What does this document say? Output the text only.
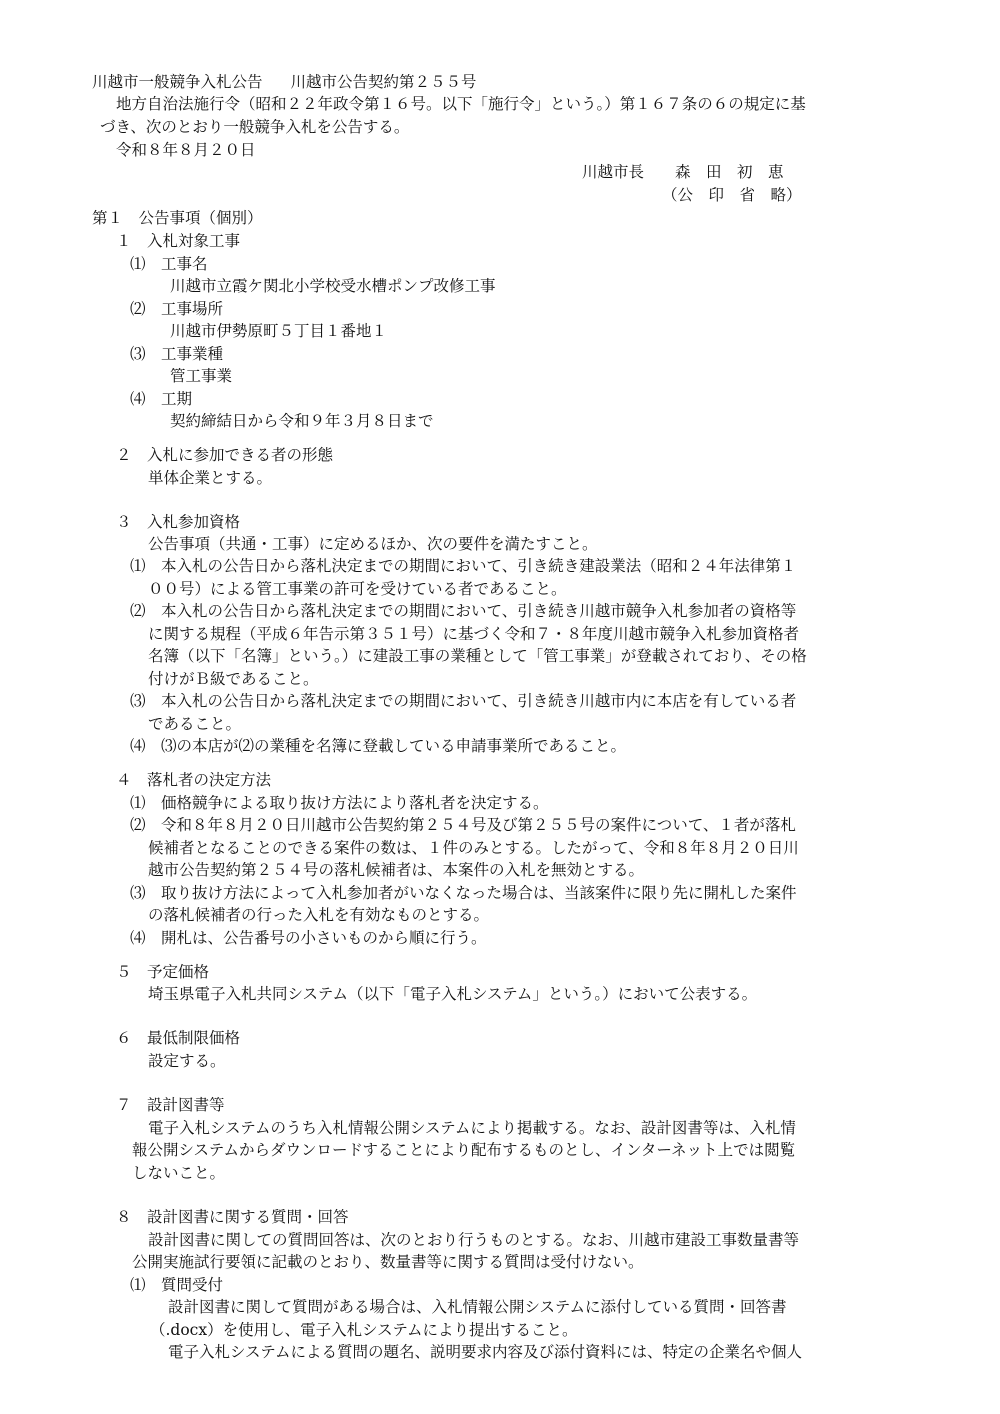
川越市一般競争入札公告 川越市公告契約第２５５号
地方自治法施行令（昭和２２年政令第１６号。以下「施行令」という。）第１６７条の６の規定に基
づき、次のとおり一般競争入札を公告する。
令和８年８月２０日
川越市長　　森　田　初　恵
（公　印　省　略）
第１　公告事項（個別）
１　入札対象工事
⑴　工事名
川越市立霞ケ関北小学校受水槽ポンプ改修工事
⑵　工事場所
川越市伊勢原町５丁目１番地１
⑶　工事業種
管工事業
⑷　工期
契約締結日から令和９年３月８日まで
２　入札に参加できる者の形態
単体企業とする。
３　入札参加資格
公告事項（共通・工事）に定めるほか、次の要件を満たすこと。
⑴　本入札の公告日から落札決定までの期間において、引き続き建設業法（昭和２４年法律第１
００号）による管工事業の許可を受けている者であること。
⑵　本入札の公告日から落札決定までの期間において、引き続き川越市競争入札参加者の資格等
に関する規程（平成６年告示第３５１号）に基づく令和７・８年度川越市競争入札参加資格者
名簿（以下「名簿」という。）に建設工事の業種として「管工事業」が登載されており、その格
付けがＢ級であること。
⑶　本入札の公告日から落札決定までの期間において、引き続き川越市内に本店を有している者
であること。
⑷　⑶の本店が⑵の業種を名簿に登載している申請事業所であること。
４　落札者の決定方法
⑴　価格競争による取り抜け方法により落札者を決定する。
⑵　令和８年８月２０日川越市公告契約第２５４号及び第２５５号の案件について、１者が落札
候補者となることのできる案件の数は、１件のみとする。したがって、令和８年８月２０日川
越市公告契約第２５４号の落札候補者は、本案件の入札を無効とする。
⑶　取り抜け方法によって入札参加者がいなくなった場合は、当該案件に限り先に開札した案件
の落札候補者の行った入札を有効なものとする。
⑷　開札は、公告番号の小さいものから順に行う。
５　予定価格
埼玉県電子入札共同システム（以下「電子入札システム」という。）において公表する。
６　最低制限価格
設定する。
７　設計図書等
電子入札システムのうち入札情報公開システムにより掲載する。なお、設計図書等は、入札情
報公開システムからダウンロードすることにより配布するものとし、インターネット上では閲覧
しないこと。
８　設計図書に関する質問・回答
設計図書に関しての質問回答は、次のとおり行うものとする。なお、川越市建設工事数量書等
公開実施試行要領に記載のとおり、数量書等に関する質問は受付けない。
⑴　質問受付
設計図書に関して質問がある場合は、入札情報公開システムに添付している質問・回答書
（.docx）を使用し、電子入札システムにより提出すること。
電子入札システムによる質問の題名、説明要求内容及び添付資料には、特定の企業名や個人
